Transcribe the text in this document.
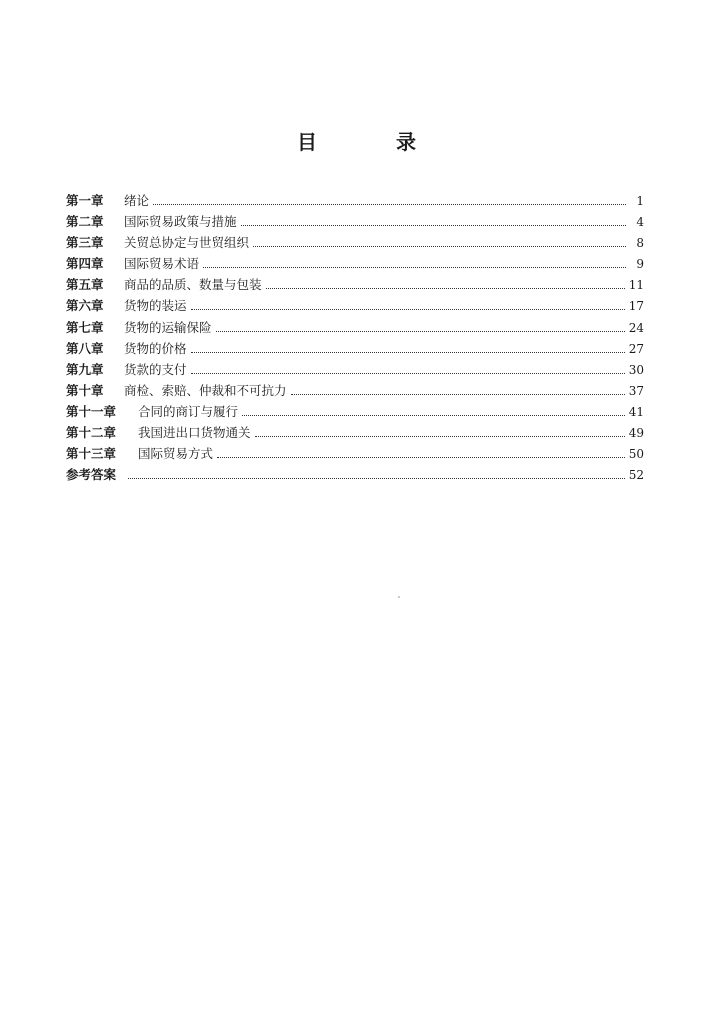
目 录
第一章	绪论	1
第二章	国际贸易政策与措施	4
第三章	关贸总协定与世贸组织	8
第四章	国际贸易术语	9
第五章	商品的品质、数量与包装	11
第六章	货物的装运	17
第七章	货物的运输保险	24
第八章	货物的价格	27
第九章	货款的支付	30
第十章	商检、索赔、仲裁和不可抗力	37
第十一章	合同的商订与履行	41
第十二章	我国进出口货物通关	49
第十三章	国际贸易方式	50
参考答案	52
